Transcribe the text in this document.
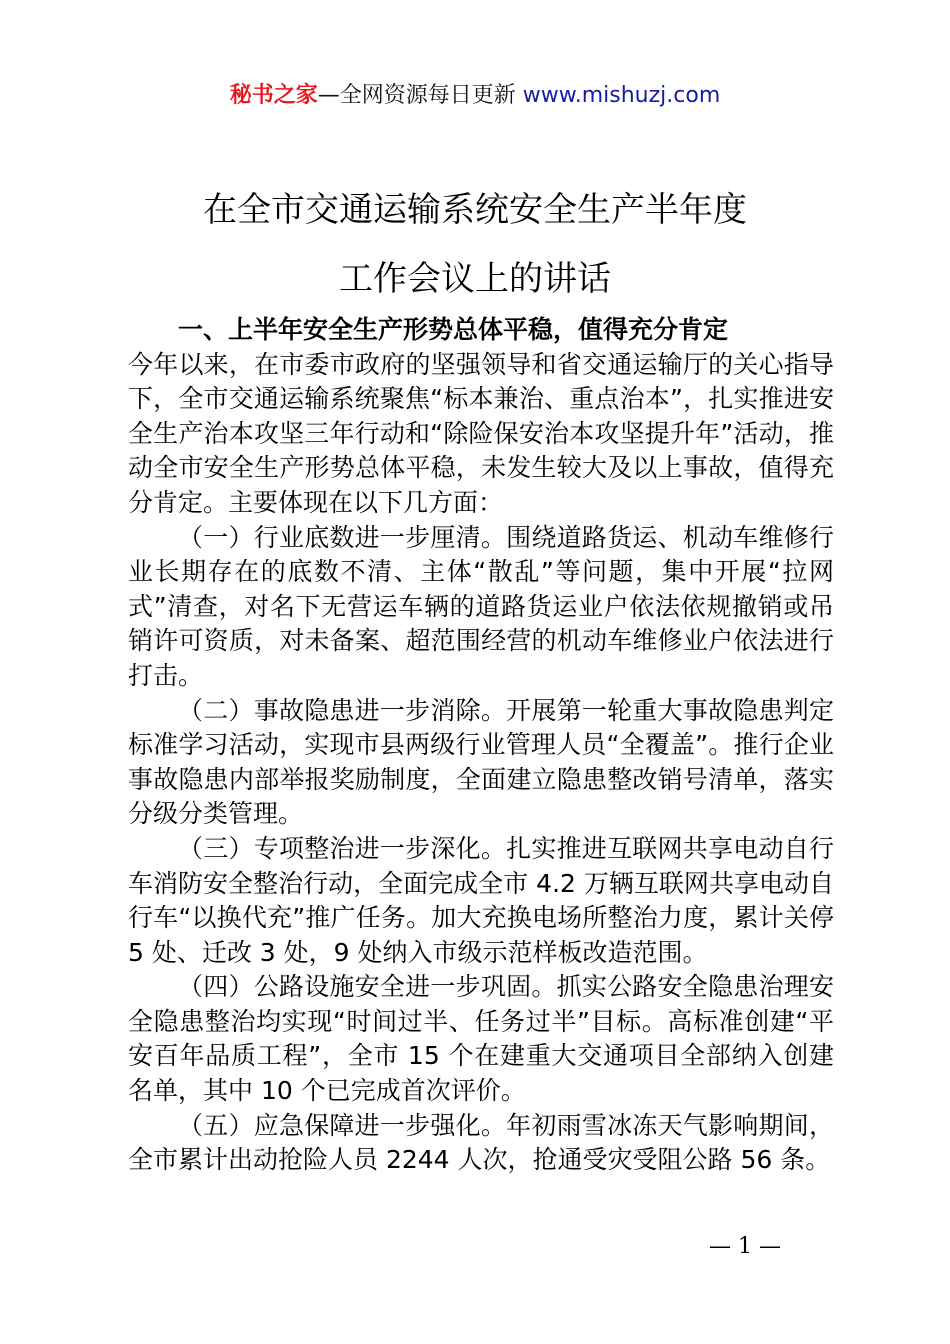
秘书之家—全网资源每日更新 www.mishuzj.com
在全市交通运输系统安全生产半年度
工作会议上的讲话

一、上半年安全生产形势总体平稳，值得充分肯定

今年以来，在市委市政府的坚强领导和省交通运输厅的关心指导下，全市交通运输系统聚焦“标本兼治、重点治本”，扎实推进安全生产治本攻坚三年行动和“除险保安治本攻坚提升年”活动，推动全市安全生产形势总体平稳，未发生较大及以上事故，值得充分肯定。主要体现在以下几方面：

（一）行业底数进一步厘清。围绕道路货运、机动车维修行业长期存在的底数不清、主体“散乱”等问题，集中开展“拉网式”清查，对名下无营运车辆的道路货运业户依法依规撤销或吊销许可资质，对未备案、超范围经营的机动车维修业户依法进行打击。

（二）事故隐患进一步消除。开展第一轮重大事故隐患判定标准学习活动，实现市县两级行业管理人员“全覆盖”。推行企业事故隐患内部举报奖励制度，全面建立隐患整改销号清单，落实分级分类管理。

（三）专项整治进一步深化。扎实推进互联网共享电动自行车消防安全整治行动，全面完成全市 4.2 万辆互联网共享电动自行车“以换代充”推广任务。加大充换电场所整治力度，累计关停 5 处、迁改 3 处，9 处纳入市级示范样板改造范围。

（四）公路设施安全进一步巩固。抓实公路安全隐患治理安全隐患整治均实现“时间过半、任务过半”目标。高标准创建“平安百年品质工程”，全市 15 个在建重大交通项目全部纳入创建名单，其中 10 个已完成首次评价。

（五）应急保障进一步强化。年初雨雪冰冻天气影响期间，全市累计出动抢险人员 2244 人次，抢通受灾受阻公路 56 条。

— 1 —
